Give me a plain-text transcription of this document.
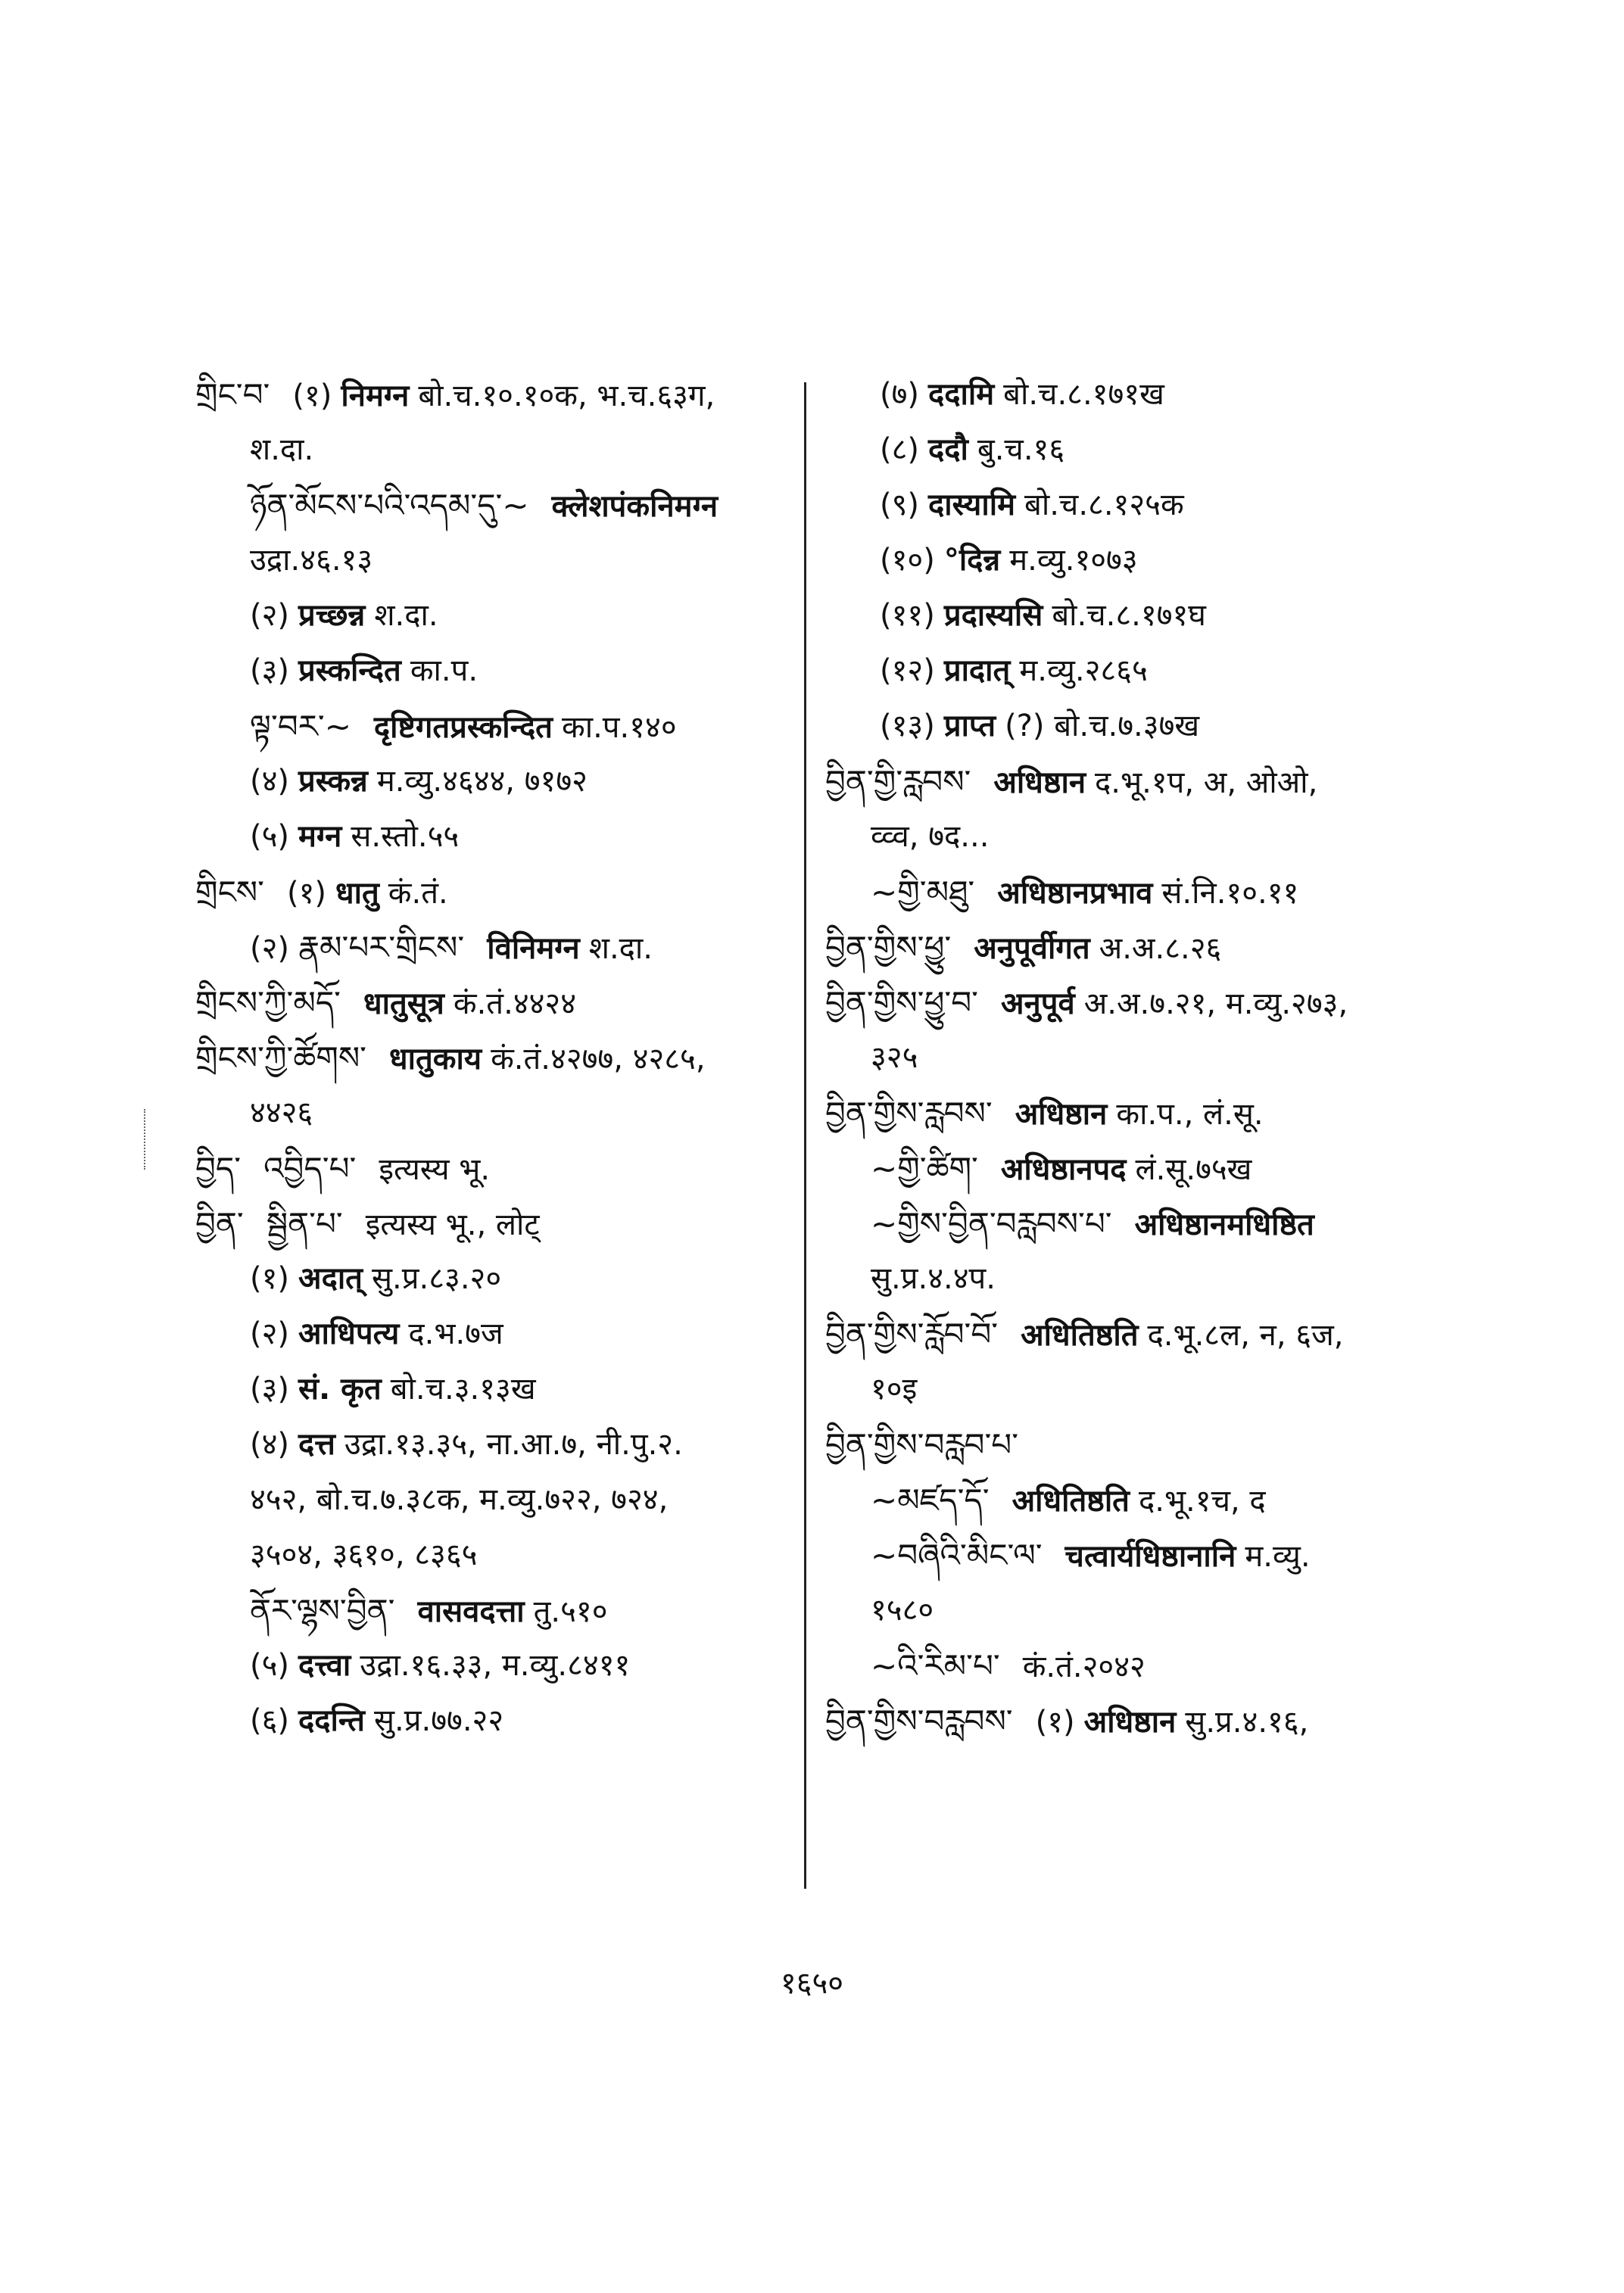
གྲིང་བ་ (१) निमग्न बो.च.१०.१०क, भ.च.६३ग,
श.दा.
ཉོན་མོངས་པའི་འདམ་དུ་~ क्लेशपंकनिमग्न
उद्रा.४६.१३
(२) प्रच्छन्न श.दा.
(३) प्रस्कन्दित का.प.
ལྟ་བར་~ दृष्टिगतप्रस्कन्दित का.प.१४०
(४) प्रस्कन्न म.व्यु.४६४४, ७१७२
(५) मग्न स.स्तो.५५
གྲིངས་ (१) धातु कं.तं.
(२) རྣམ་པར་གྲིངས་ विनिमग्न श.दा.
གྲིངས་ཀྱི་མདོ་ धातुसूत्र कं.तं.४४२४
གྲིངས་ཀྱི་ཚོགས་ धातुकाय कं.तं.४२७७, ४२८५,
४४२६
བྱིད་ འབྱིད་པ་ इत्यस्य भू.
བྱིན་ སྦྱིན་པ་ इत्यस्य भू., लोट्
(१) अदात् सु.प्र.८३.२०
(२) आधिपत्य द.भ.७ज
(३) सं. कृत बो.च.३.१३ख
(४) दत्त उद्रा.१३.३५, ना.आ.७, नी.पु.२.
४५२, बो.च.७.३८क, म.व्यु.७२२, ७२४,
३५०४, ३६१०, ८३६५
ནོར་ལྷས་བྱིན་ वासवदत्ता तु.५१०
(५) दत्त्वा उद्रा.१६.३३, म.व्यु.८४११
(६) ददन्ति सु.प्र.७७.२२
(७) ददामि बो.च.८.१७१ख
(८) ददौ बु.च.१६
(९) दास्यामि बो.च.८.१२५क
(१०) °दिन्न म.व्यु.१०७३
(११) प्रदास्यसि बो.च.८.१७१घ
(१२) प्रादात् म.व्यु.२८६५
(१३) प्राप्त (?) बो.च.७.३७ख
བྱིན་གྱི་རླབས་ अधिष्ठान द.भू.१प, अ, ओओ,
व्व्व, ७द...
~གྱི་མཐུ་ अधिष्ठानप्रभाव सं.नि.१०.११
བྱིན་གྱིས་ཕྱུ་ अनुपूर्वीगत अ.अ.८.२६
བྱིན་གྱིས་ཕྱུ་བ་ अनुपूर्व अ.अ.७.२१, म.व्यु.२७३,
३२५
བྱིན་གྱིས་རླབས་ अधिष्ठान का.प., लं.सू.
~གྱི་ཚིག་ अधिष्ठानपद लं.सू.७५ख
~གྱིས་བྱིན་བརླབས་པ་ अधिष्ठानमधिष्ठित
सु.प्र.४.४प.
བྱིན་གྱིས་རློབ་བོ་ अधितिष्ठति द.भू.८ल, न, ६ज,
१०इ
བྱིན་གྱིས་བརླབ་པ་
~མཛད་དོ་ अधितिष्ठति द.भू.१च, द
~བཞིའི་མིང་ལ་ चत्वार्यधिष्ठानानि म.व्यु.
१५८०
~འི་རིམ་པ་ कं.तं.२०४२
བྱིན་གྱིས་བརླབས་ (१) अधिष्ठान सु.प्र.४.१६,
१६५०
